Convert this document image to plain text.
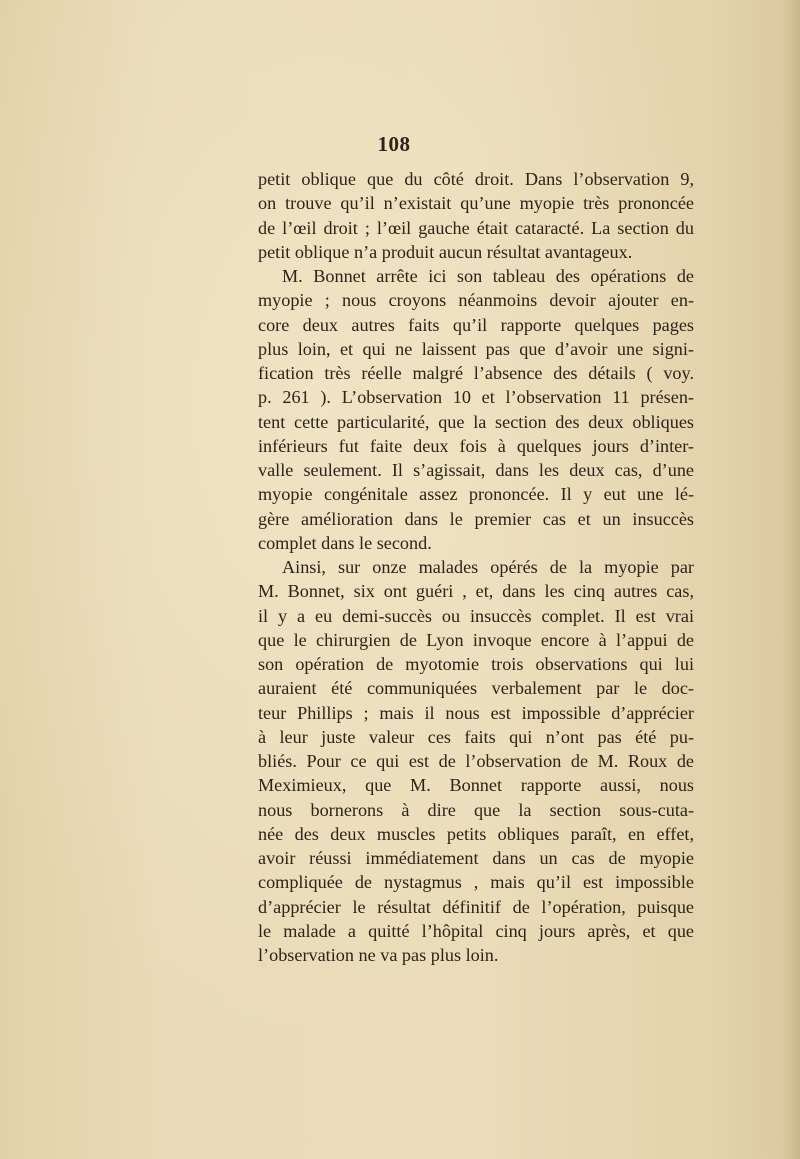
108
petit oblique que du côté droit. Dans l’observation 9,
on trouve qu’il n’existait qu’une myopie très prononcée
de l’œil droit ; l’œil gauche était cataracté. La section du
petit oblique n’a produit aucun résultat avantageux.
M. Bonnet arrête ici son tableau des opérations de
myopie ; nous croyons néanmoins devoir ajouter en-
core deux autres faits qu’il rapporte quelques pages
plus loin, et qui ne laissent pas que d’avoir une signi-
fication très réelle malgré l’absence des détails ( voy.
p. 261 ). L’observation 10 et l’observation 11 présen-
tent cette particularité, que la section des deux obliques
inférieurs fut faite deux fois à quelques jours d’inter-
valle seulement. Il s’agissait, dans les deux cas, d’une
myopie congénitale assez prononcée. Il y eut une lé-
gère amélioration dans le premier cas et un insuccès
complet dans le second.
Ainsi, sur onze malades opérés de la myopie par
M. Bonnet, six ont guéri , et, dans les cinq autres cas,
il y a eu demi-succès ou insuccès complet. Il est vrai
que le chirurgien de Lyon invoque encore à l’appui de
son opération de myotomie trois observations qui lui
auraient été communiquées verbalement par le doc-
teur Phillips ; mais il nous est impossible d’apprécier
à leur juste valeur ces faits qui n’ont pas été pu-
bliés. Pour ce qui est de l’observation de M. Roux de
Meximieux, que M. Bonnet rapporte aussi, nous
nous bornerons à dire que la section sous-cuta-
née des deux muscles petits obliques paraît, en effet,
avoir réussi immédiatement dans un cas de myopie
compliquée de nystagmus , mais qu’il est impossible
d’apprécier le résultat définitif de l’opération, puisque
le malade a quitté l’hôpital cinq jours après, et que
l’observation ne va pas plus loin.
